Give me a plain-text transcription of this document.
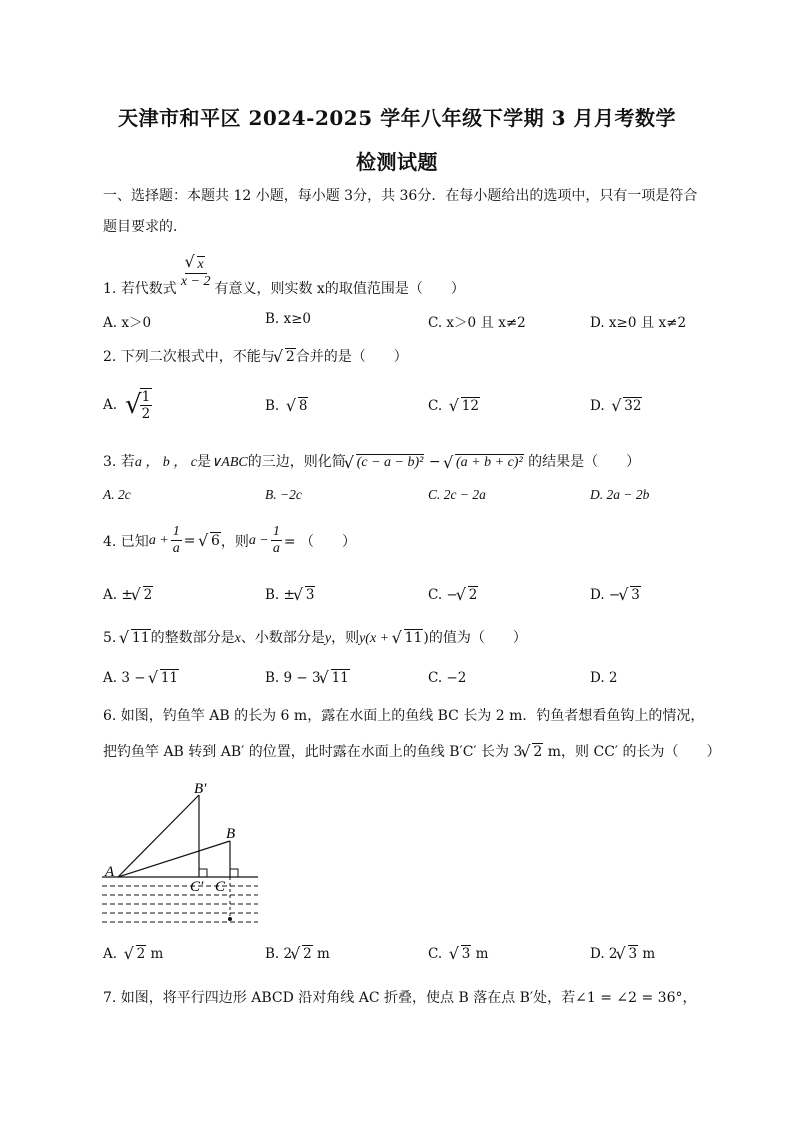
天津市和平区 2024-2025 学年八年级下学期 3 月月考数学
检测试题
一、选择题：本题共 12 小题，每小题 3分，共 36分．在每小题给出的选项中，只有一项是符合
题目要求的．
1. 若代数式 √ $\frac{x}{x - 2}$ 有意义，则实数 x的取值范围是（　　）
A. x＞0	B. x≥0	C. x＞0 且 x≠2	D. x≥0 且 x≠2
2. 下列二次根式中，不能与 √ 2合并的是（　　）
A. √
$\frac{1}{2}$	B. √ 8	C. √ 12	D. √ 32
3. 若a ， b ， c是∨ABC的三边，则化简 √ (c − a − b)² − √ (a + b + c)² 的结果是（　　）
A. 2c	B. −2c	C. 2c − 2a	D. 2a − 2b
4. 已知 $a + \frac{1}{a}$ =
	√ 6 ，则 $a - \frac{1}{a}$ = （　　）
A. ± √ 2	B. ± √ 3	C. − √ 2	D. − √ 3
5. √ 11的整数部分是x、小数部分是y，则y(x + √ 11)的值为（　　）
A. 3 − √ 11	B. 9 − 3 √ 11	C. −2	D. 2
6. 如图，钓鱼竿 AB 的长为 6 m，露在水面上的鱼线 BC 长为 2 m．钓鱼者想看鱼钩上的情况，
把钓鱼竿 AB 转到 AB′ 的位置，此时露在水面上的鱼线 B′C′ 长为 3 √ 2 m，则 CC′ 的长为（　　）
A
B′
B
C′ C
A. √ 2 m	B. 2 √ 2 m	C. √ 3 m	D. 2 √ 3 m
7. 如图，将平行四边形 ABCD 沿对角线 AC 折叠，使点 B 落在点 B′处，若∠1 = ∠2 = 36°，
